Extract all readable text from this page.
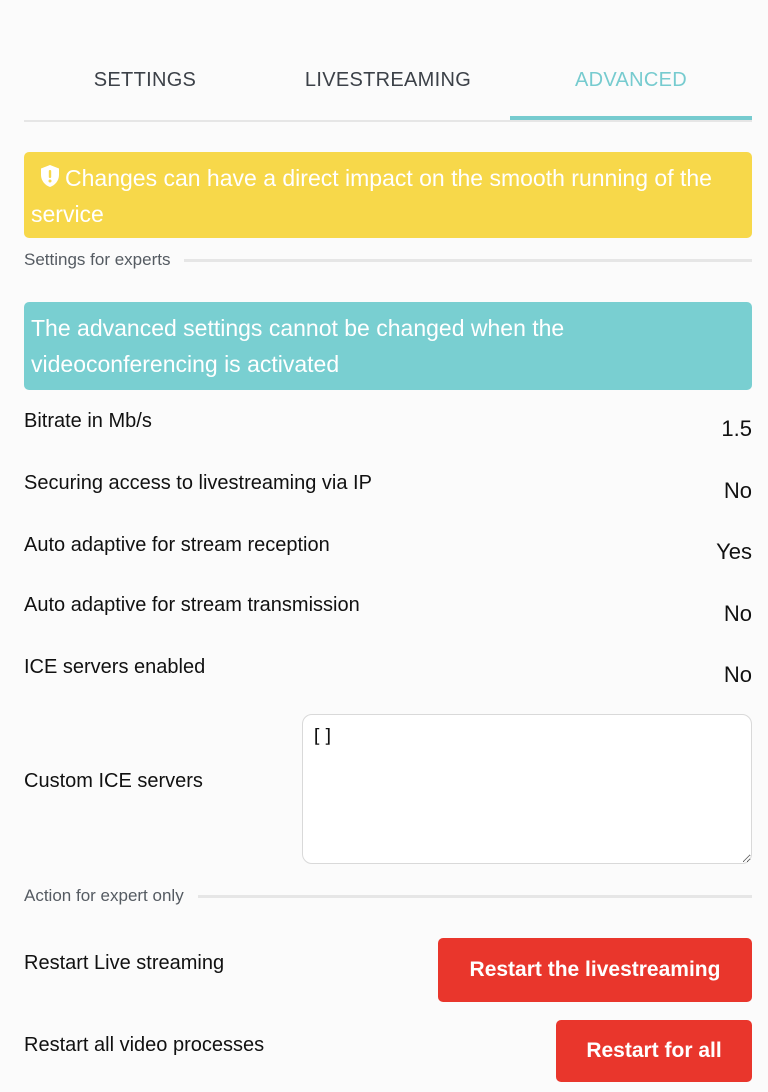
SETTINGS	LIVESTREAMING	ADVANCED
Changes can have a direct impact on the smooth running of the service
Settings for experts
The advanced settings cannot be changed when the videoconferencing is activated
Bitrate in Mb/s	1.5
Securing access to livestreaming via IP	No
Auto adaptive for stream reception	Yes
Auto adaptive for stream transmission	No
ICE servers enabled	No
Custom ICE servers
[]
Action for expert only
Restart Live streaming	Restart the livestreaming
Restart all video processes	Restart for all
